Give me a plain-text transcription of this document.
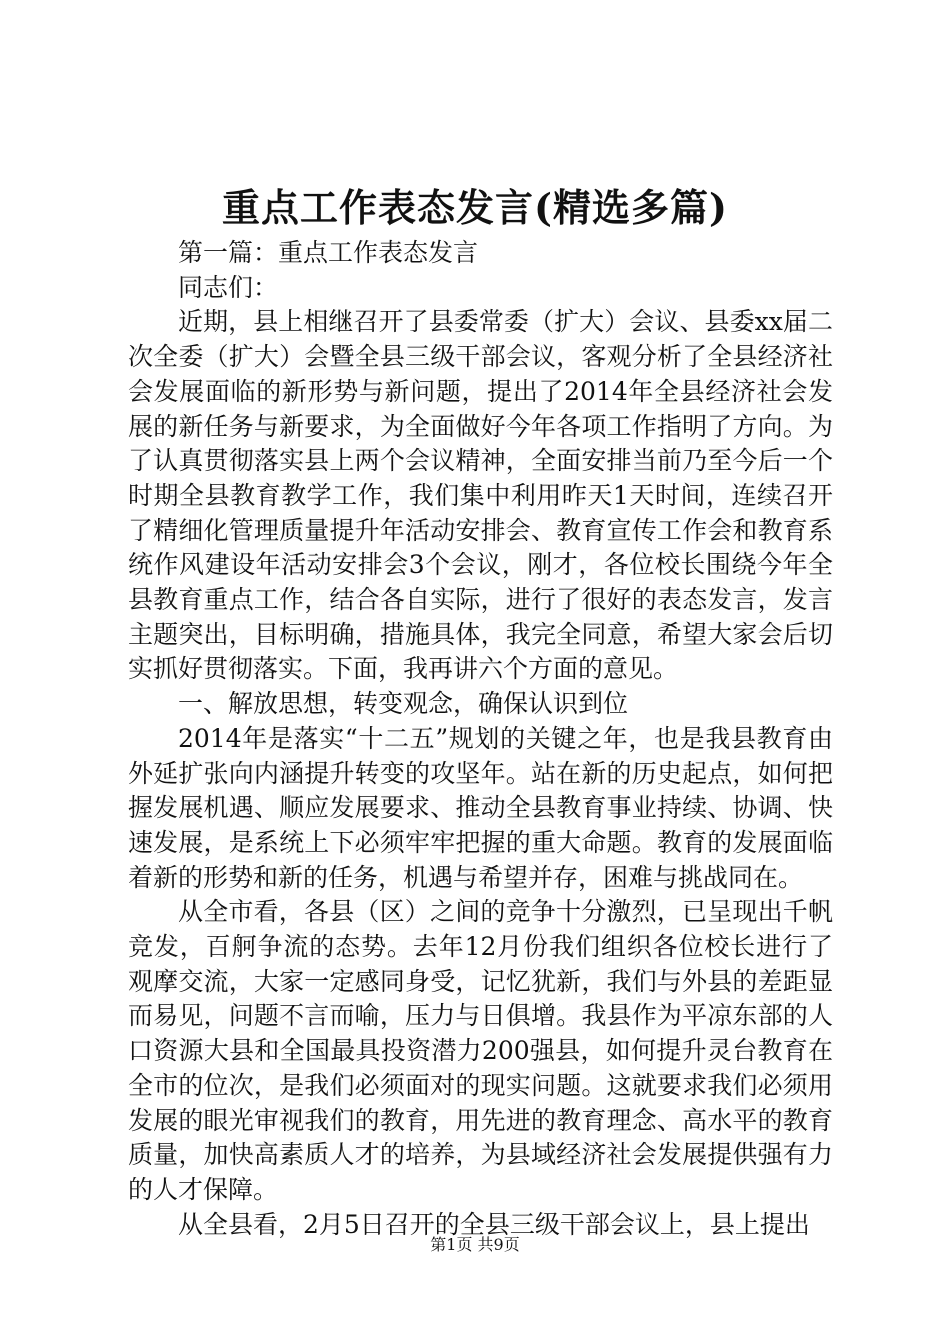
重点工作表态发言(精选多篇)

第一篇：重点工作表态发言

同志们：

近期，县上相继召开了县委常委（扩大）会议、县委xx届二次全委（扩大）会暨全县三级干部会议，客观分析了全县经济社会发展面临的新形势与新问题，提出了2014年全县经济社会发展的新任务与新要求，为全面做好今年各项工作指明了方向。为了认真贯彻落实县上两个会议精神，全面安排当前乃至今后一个时期全县教育教学工作，我们集中利用昨天1天时间，连续召开了精细化管理质量提升年活动安排会、教育宣传工作会和教育系统作风建设年活动安排会3个会议，刚才，各位校长围绕今年全县教育重点工作，结合各自实际，进行了很好的表态发言，发言主题突出，目标明确，措施具体，我完全同意，希望大家会后切实抓好贯彻落实。下面，我再讲六个方面的意见。

一、解放思想，转变观念，确保认识到位

2014年是落实“十二五”规划的关键之年，也是我县教育由外延扩张向内涵提升转变的攻坚年。站在新的历史起点，如何把握发展机遇、顺应发展要求、推动全县教育事业持续、协调、快速发展，是系统上下必须牢牢把握的重大命题。教育的发展面临着新的形势和新的任务，机遇与希望并存，困难与挑战同在。

从全市看，各县（区）之间的竞争十分激烈，已呈现出千帆竞发，百舸争流的态势。去年12月份我们组织各位校长进行了观摩交流，大家一定感同身受，记忆犹新，我们与外县的差距显而易见，问题不言而喻，压力与日俱增。我县作为平凉东部的人口资源大县和全国最具投资潜力200强县，如何提升灵台教育在全市的位次，是我们必须面对的现实问题。这就要求我们必须用发展的眼光审视我们的教育，用先进的教育理念、高水平的教育质量，加快高素质人才的培养，为县域经济社会发展提供强有力的人才保障。

从全县看，2月5日召开的全县三级干部会议上，县上提出

第1页 共9页
